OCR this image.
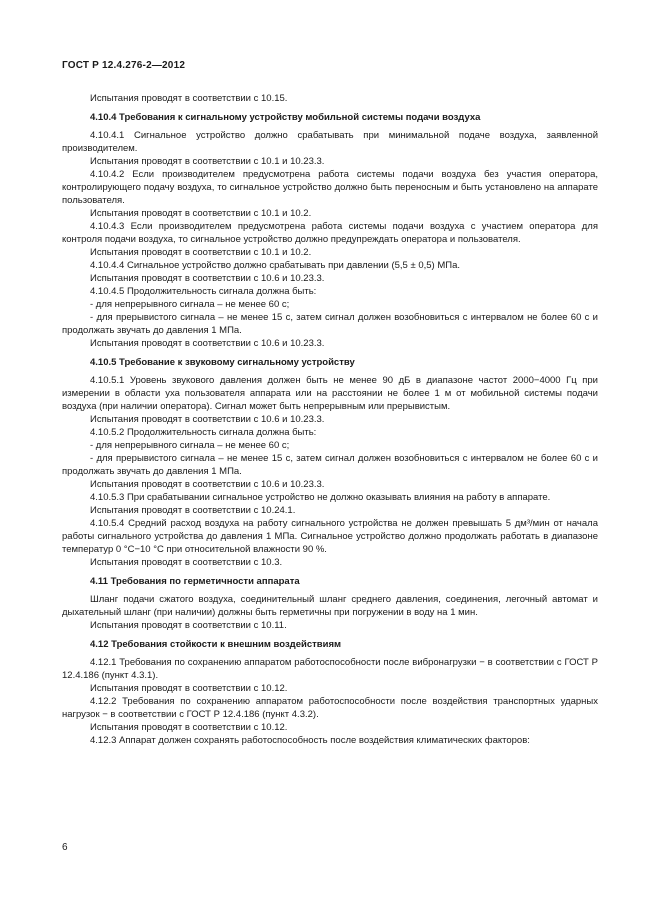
ГОСТ Р 12.4.276-2—2012

Испытания проводят в соответствии с 10.15.

4.10.4 Требования к сигнальному устройству мобильной системы подачи воздуха

4.10.4.1 Сигнальное устройство должно срабатывать при минимальной подаче воздуха, заявленной производителем.

Испытания проводят в соответствии с 10.1 и 10.23.3.

4.10.4.2 Если производителем предусмотрена работа системы подачи воздуха без участия оператора, контролирующего подачу воздуха, то сигнальное устройство должно быть переносным и быть установлено на аппарате пользователя.

Испытания проводят в соответствии с 10.1 и 10.2.

4.10.4.3 Если производителем предусмотрена работа системы подачи воздуха с участием оператора для контроля подачи воздуха, то сигнальное устройство должно предупреждать оператора и пользователя.

Испытания проводят в соответствии с 10.1 и 10.2.

4.10.4.4 Сигнальное устройство должно срабатывать при давлении (5,5 ± 0,5) МПа.

Испытания проводят в соответствии с 10.6 и 10.23.3.

4.10.4.5 Продолжительность сигнала должна быть:

- для непрерывного сигнала – не менее 60 с;

- для прерывистого сигнала – не менее 15 с, затем сигнал должен возобновиться с интервалом не более 60 с и продолжать звучать до давления 1 МПа.

Испытания проводят в соответствии с 10.6 и 10.23.3.

4.10.5 Требование к звуковому сигнальному устройству

4.10.5.1 Уровень звукового давления должен быть не менее 90 дБ в диапазоне частот 2000−4000 Гц при измерении в области уха пользователя аппарата или на расстоянии не более 1 м от мобильной системы подачи воздуха (при наличии оператора). Сигнал может быть непрерывным или прерывистым.

Испытания проводят в соответствии с 10.6 и 10.23.3.

4.10.5.2 Продолжительность сигнала должна быть:

- для непрерывного сигнала – не менее 60 с;

- для прерывистого сигнала – не менее 15 с, затем сигнал должен возобновиться с интервалом не более 60 с и продолжать звучать до давления 1 МПа.

Испытания проводят в соответствии с 10.6 и 10.23.3.

4.10.5.3 При срабатывании сигнальное устройство не должно оказывать влияния на работу в аппарате.

Испытания проводят в соответствии с 10.24.1.

4.10.5.4 Средний расход воздуха на работу сигнального устройства не должен превышать 5 дм³/мин от начала работы сигнального устройства до давления 1 МПа. Сигнальное устройство должно продолжать работать в диапазоне температур 0 °С−10 °С при относительной влажности 90 %.

Испытания проводят в соответствии с 10.3.

4.11 Требования по герметичности аппарата

Шланг подачи сжатого воздуха, соединительный шланг среднего давления, соединения, легочный автомат и дыхательный шланг (при наличии) должны быть герметичны при погружении в воду на 1 мин.

Испытания проводят в соответствии с 10.11.

4.12 Требования стойкости к внешним воздействиям

4.12.1 Требования по сохранению аппаратом работоспособности после вибронагрузки − в соответствии с ГОСТ Р 12.4.186 (пункт 4.3.1).

Испытания проводят в соответствии с 10.12.

4.12.2 Требования по сохранению аппаратом работоспособности после воздействия транспортных ударных нагрузок − в соответствии с ГОСТ Р 12.4.186 (пункт 4.3.2).

Испытания проводят в соответствии с 10.12.

4.12.3 Аппарат должен сохранять работоспособность после воздействия климатических факторов:

6
